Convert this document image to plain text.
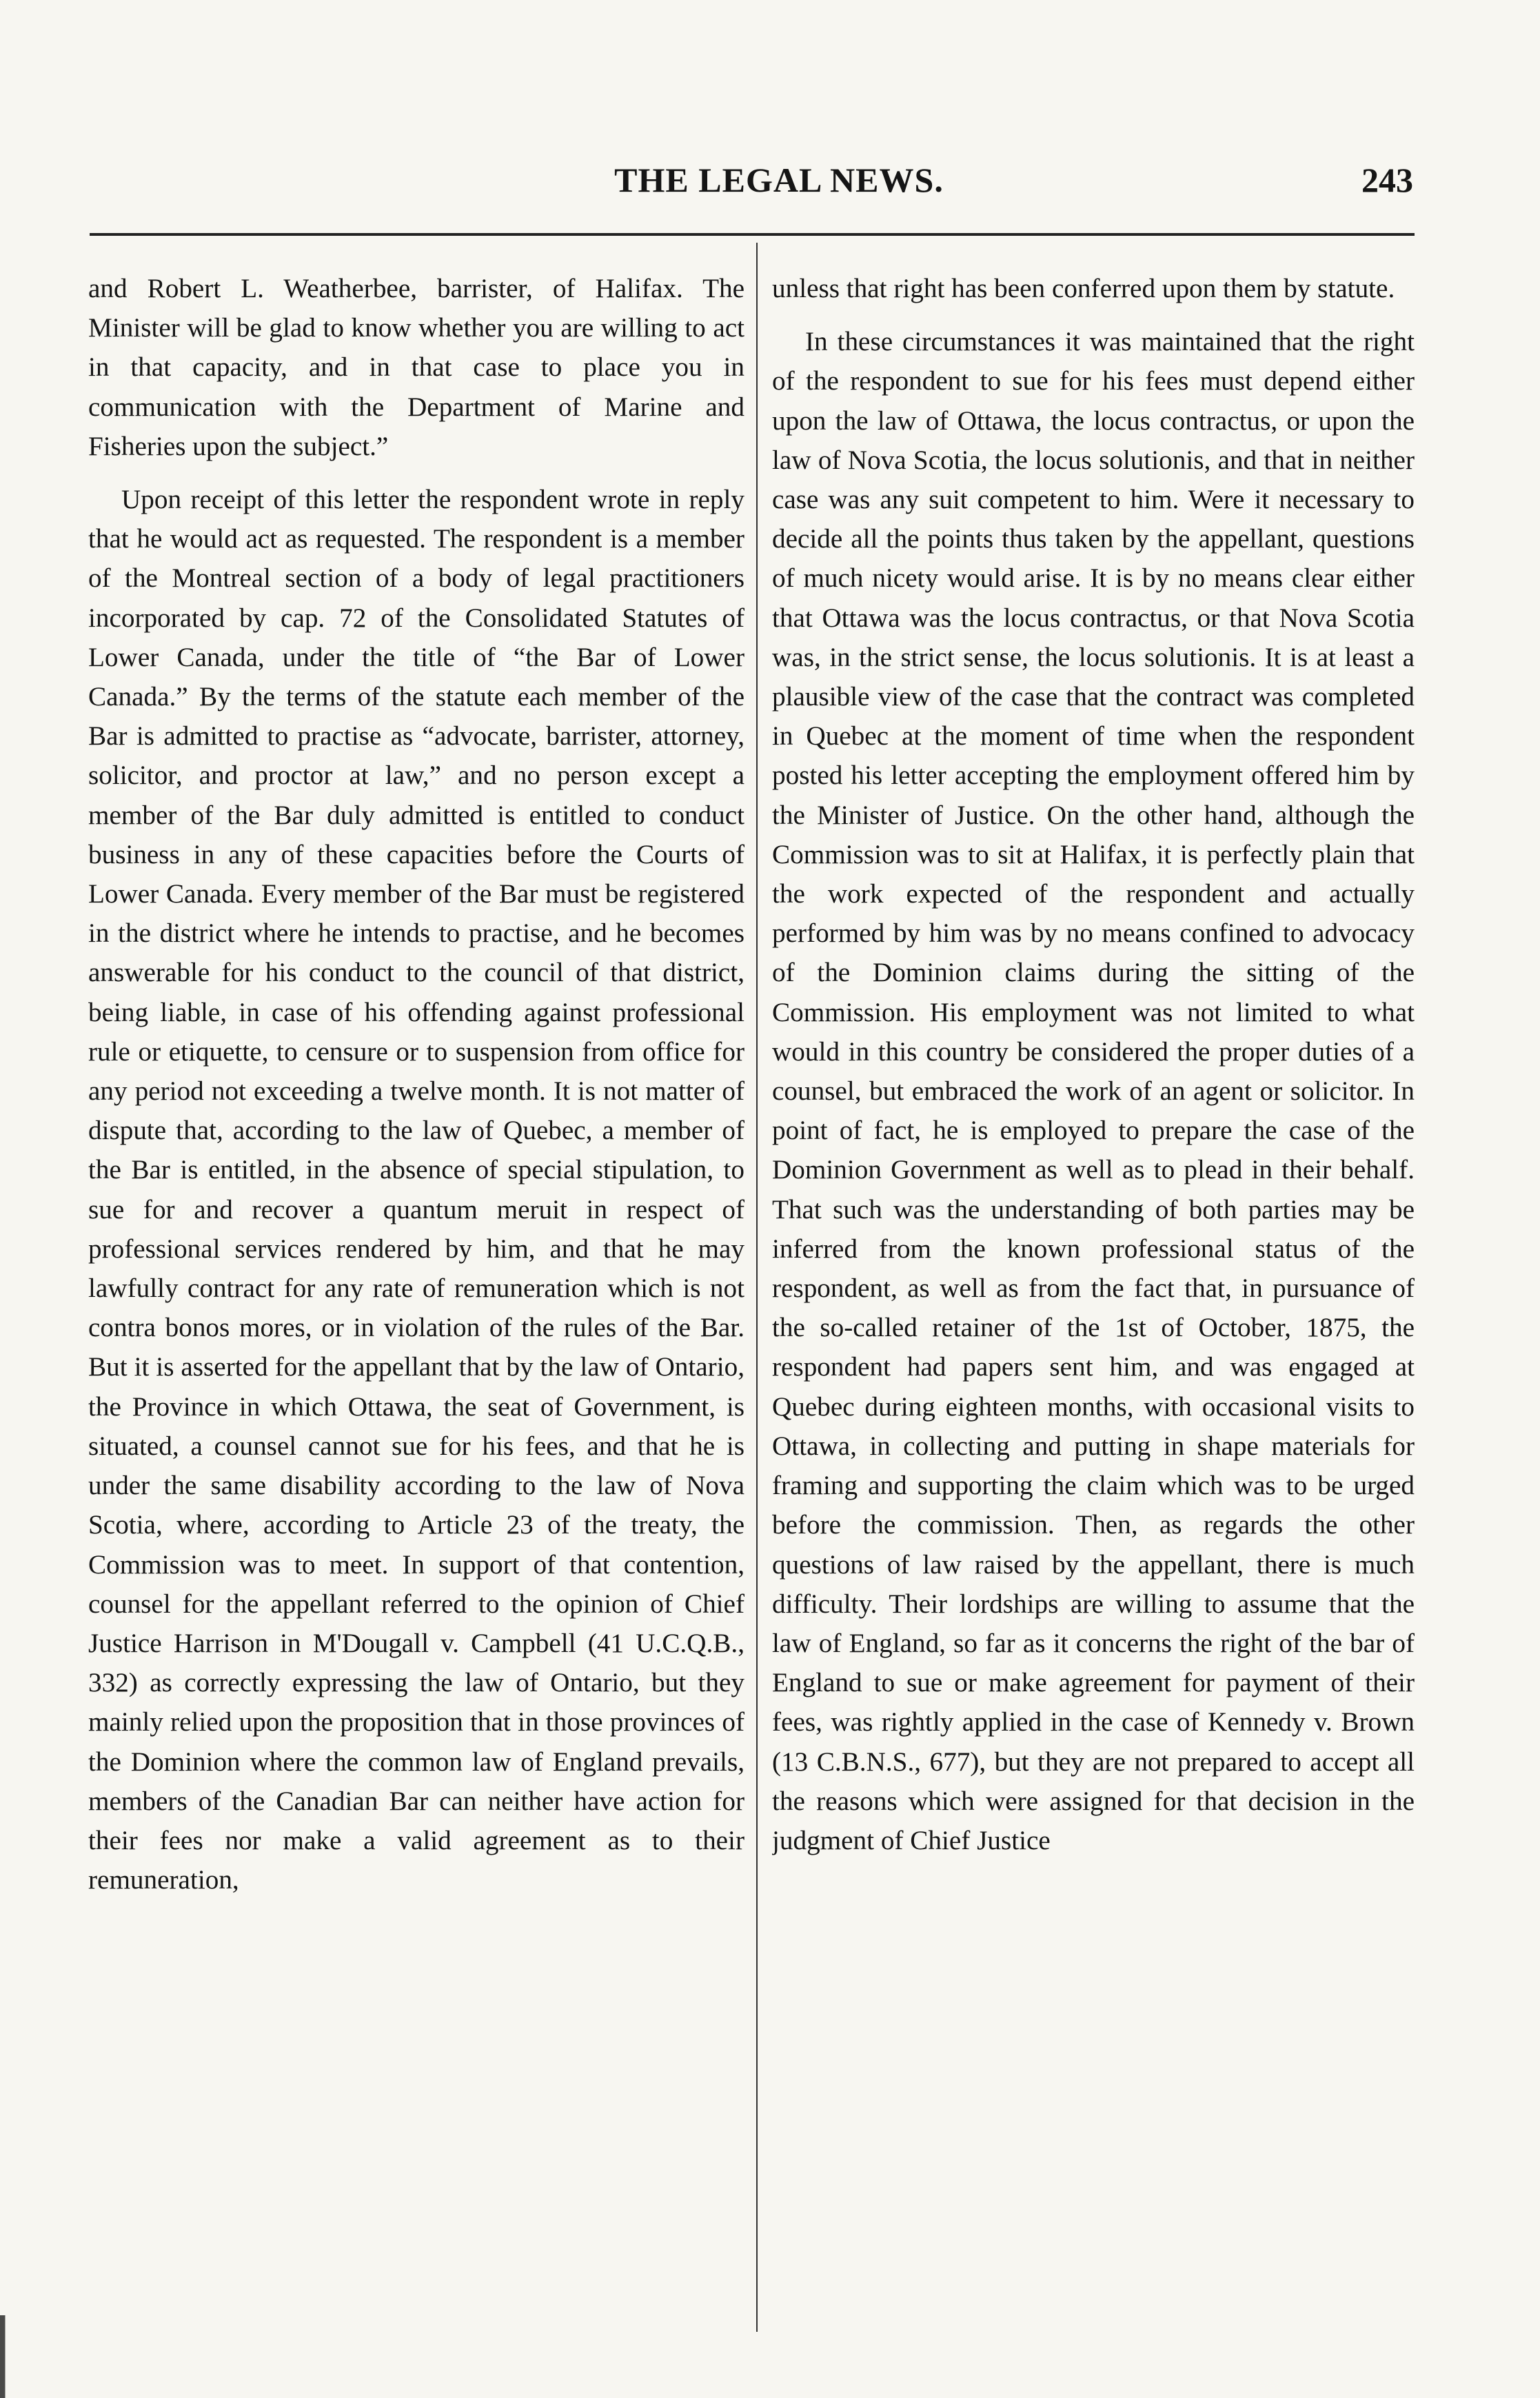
THE LEGAL NEWS.	243

and Robert L. Weatherbee, barrister, of Halifax. The Minister will be glad to know whether you are willing to act in that capacity, and in that case to place you in communication with the Department of Marine and Fisheries upon the subject.”

Upon receipt of this letter the respondent wrote in reply that he would act as requested. The respondent is a member of the Montreal section of a body of legal practitioners incorporated by cap. 72 of the Consolidated Statutes of Lower Canada, under the title of “the Bar of Lower Canada.” By the terms of the statute each member of the Bar is admitted to practise as “advocate, barrister, attorney, solicitor, and proctor at law,” and no person except a member of the Bar duly admitted is entitled to conduct business in any of these capacities before the Courts of Lower Canada. Every member of the Bar must be registered in the district where he intends to practise, and he becomes answerable for his conduct to the council of that district, being liable, in case of his offending against professional rule or etiquette, to censure or to suspension from office for any period not exceeding a twelve month. It is not matter of dispute that, according to the law of Quebec, a member of the Bar is entitled, in the absence of special stipulation, to sue for and recover a quantum meruit in respect of professional services rendered by him, and that he may lawfully contract for any rate of remuneration which is not contra bonos mores, or in violation of the rules of the Bar. But it is asserted for the appellant that by the law of Ontario, the Province in which Ottawa, the seat of Government, is situated, a counsel cannot sue for his fees, and that he is under the same disability according to the law of Nova Scotia, where, according to Article 23 of the treaty, the Commission was to meet. In support of that contention, counsel for the appellant referred to the opinion of Chief Justice Harrison in M'Dougall v. Campbell (41 U.C.Q.B., 332) as correctly expressing the law of Ontario, but they mainly relied upon the proposition that in those provinces of the Dominion where the common law of England prevails, members of the Canadian Bar can neither have action for their fees nor make a valid agreement as to their remuneration,

unless that right has been conferred upon them by statute.

In these circumstances it was maintained that the right of the respondent to sue for his fees must depend either upon the law of Ottawa, the locus contractus, or upon the law of Nova Scotia, the locus solutionis, and that in neither case was any suit competent to him. Were it necessary to decide all the points thus taken by the appellant, questions of much nicety would arise. It is by no means clear either that Ottawa was the locus contractus, or that Nova Scotia was, in the strict sense, the locus solutionis. It is at least a plausible view of the case that the contract was completed in Quebec at the moment of time when the respondent posted his letter accepting the employment offered him by the Minister of Justice. On the other hand, although the Commission was to sit at Halifax, it is perfectly plain that the work expected of the respondent and actually performed by him was by no means confined to advocacy of the Dominion claims during the sitting of the Commission. His employment was not limited to what would in this country be considered the proper duties of a counsel, but embraced the work of an agent or solicitor. In point of fact, he is employed to prepare the case of the Dominion Government as well as to plead in their behalf. That such was the understanding of both parties may be inferred from the known professional status of the respondent, as well as from the fact that, in pursuance of the so-called retainer of the 1st of October, 1875, the respondent had papers sent him, and was engaged at Quebec during eighteen months, with occasional visits to Ottawa, in collecting and putting in shape materials for framing and supporting the claim which was to be urged before the commission. Then, as regards the other questions of law raised by the appellant, there is much difficulty. Their lordships are willing to assume that the law of England, so far as it concerns the right of the bar of England to sue or make agreement for payment of their fees, was rightly applied in the case of Kennedy v. Brown (13 C.B.N.S., 677), but they are not prepared to accept all the reasons which were assigned for that decision in the judgment of Chief Justice
